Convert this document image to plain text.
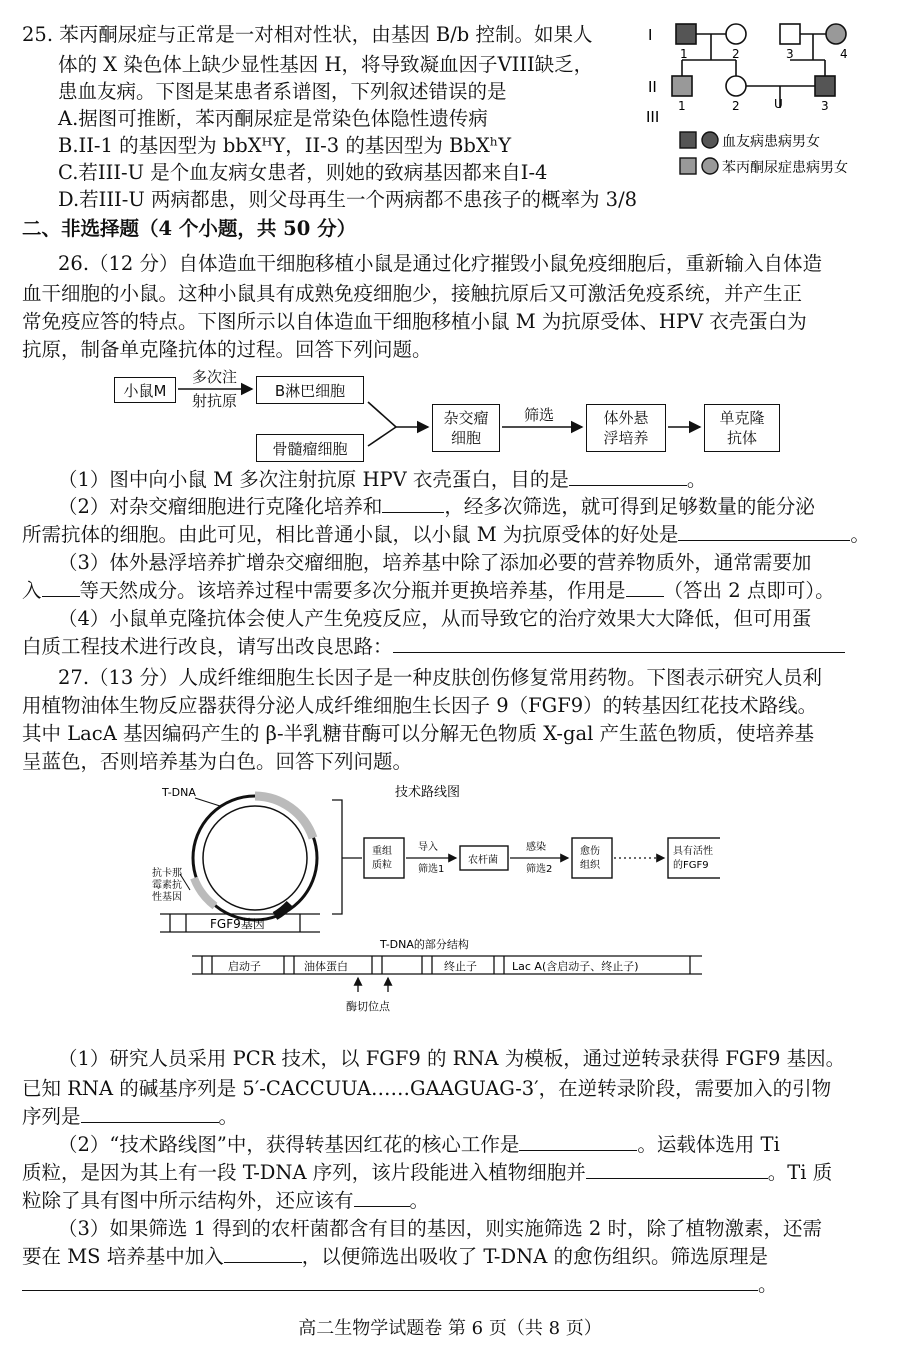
25. 苯丙酮尿症与正常是一对相对性状，由基因 B/b 控制。如果人
体的 X 染色体上缺少显性基因 H，将导致凝血因子VIII缺乏，
患血友病。下图是某患者系谱图，下列叙述错误的是
A.据图可推断，苯丙酮尿症是常染色体隐性遗传病
B.II-1 的基因型为 bbXᴴY，II-3 的基因型为 BbXʰY
C.若III-U 是个血友病女患者，则她的致病基因都来自I-4
D.若III-U 两病都患，则父母再生一个两病都不患孩子的概率为 3/8
I
II
III
1	2	3	4
1	2	3
U
血友病患病男女
苯丙酮尿症患病男女
二、非选择题（4 个小题，共 50 分）
26.（12 分）自体造血干细胞移植小鼠是通过化疗摧毁小鼠免疫细胞后，重新输入自体造
血干细胞的小鼠。这种小鼠具有成熟免疫细胞少，接触抗原后又可激活免疫系统，并产生正
常免疫应答的特点。下图所示以自体造血干细胞移植小鼠 M 为抗原受体、HPV 衣壳蛋白为
抗原，制备单克隆抗体的过程。回答下列问题。
小鼠M
多次注
射抗原
B淋巴细胞
骨髓瘤细胞
杂交瘤
细胞
筛选	体外悬
浮培养
单克隆
抗体
（1）图中向小鼠 M 多次注射抗原 HPV 衣壳蛋白，目的是	。
（2）对杂交瘤细胞进行克隆化培养和	，经多次筛选，就可得到足够数量的能分泌
所需抗体的细胞。由此可见，相比普通小鼠，以小鼠 M 为抗原受体的好处是	。
（3）体外悬浮培养扩增杂交瘤细胞，培养基中除了添加必要的营养物质外，通常需要加
入 等天然成分。该培养过程中需要多次分瓶并更换培养基，作用是 （答出 2 点即可）。
（4）小鼠单克隆抗体会使人产生免疫反应，从而导致它的治疗效果大大降低，但可用蛋
白质工程技术进行改良，请写出改良思路：
27.（13 分）人成纤维细胞生长因子是一种皮肤创伤修复常用药物。下图表示研究人员利
用植物油体生物反应器获得分泌人成纤维细胞生长因子 9（FGF9）的转基因红花技术路线。
其中 LacA 基因编码产生的 β-半乳糖苷酶可以分解无色物质 X-gal 产生蓝色物质，使培养基
呈蓝色，否则培养基为白色。回答下列问题。
T-DNA
抗卡那
霉素抗
性基因
FGF9基因
技术路线图
重组
质粒	农杆菌
愈伤
组织
具有活性
的FGF9
导入
筛选1
感染
筛选2
T-DNA的部分结构
启动子	油体蛋白	终止子	Lac A(含启动子、终止子)
酶切位点
（1）研究人员采用 PCR 技术，以 FGF9 的 RNA 为模板，通过逆转录获得 FGF9 基因。
已知 RNA 的碱基序列是 5′-CACCUUA……GAAGUAG-3′，在逆转录阶段，需要加入的引物
序列是	。
（2）“技术路线图”中，获得转基因红花的核心工作是	。运载体选用 Ti
质粒，是因为其上有一段 T-DNA 序列，该片段能进入植物细胞并	。Ti 质
粒除了具有图中所示结构外，还应该有	。
（3）如果筛选 1 得到的农杆菌都含有目的基因，则实施筛选 2 时，除了植物激素，还需
要在 MS 培养基中加入	，以便筛选出吸收了 T-DNA 的愈伤组织。筛选原理是
。
高二生物学试题卷 第 6 页（共 8 页）
